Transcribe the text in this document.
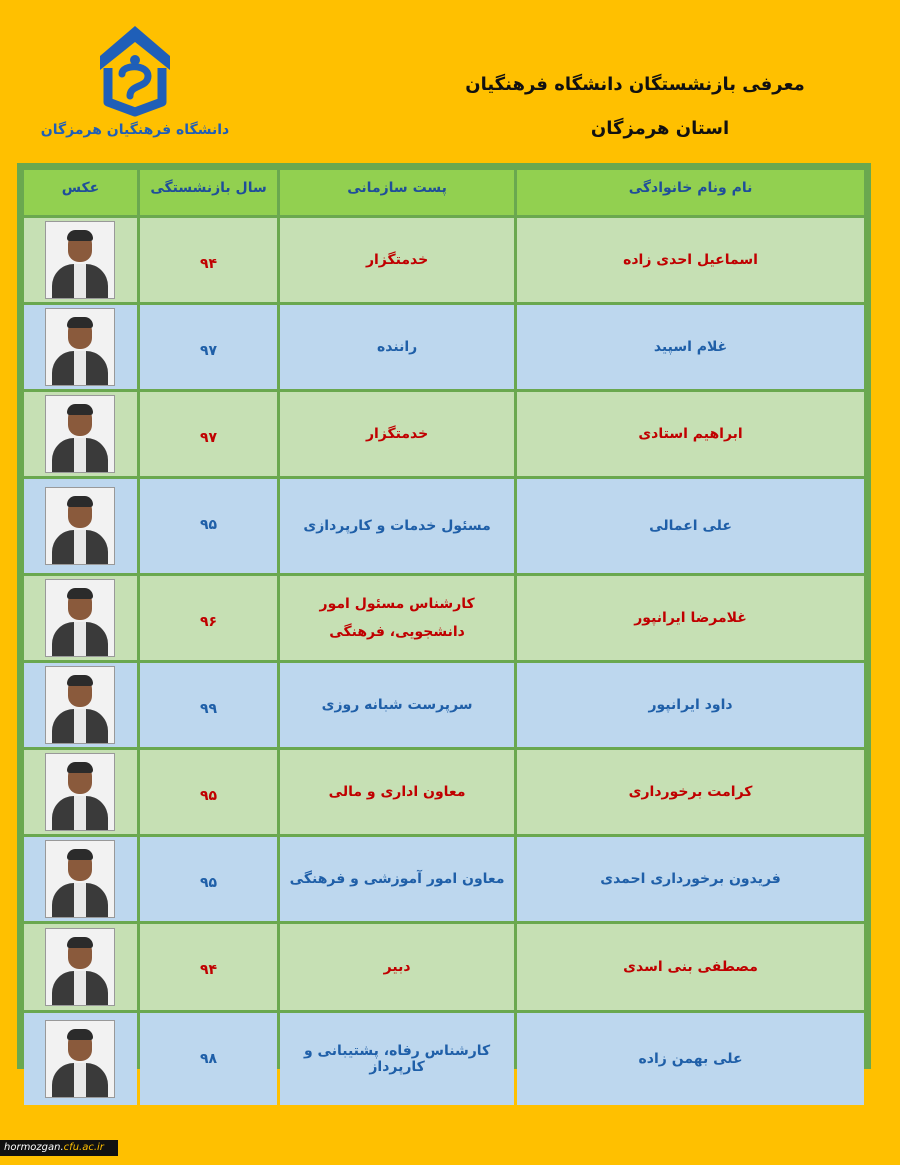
دانشگاه فرهنگیان هرمزگان
معرفی بازنشستگان دانشگاه فرهنگیان
استان هرمزگان
نام ونام خانوادگی	پست سازمانی	سال بازنشستگی	عکس
اسماعیل احدی زاده	خدمتگزار	۹۴	

غلام اسپید	راننده	۹۷	

ابراهیم استادی	خدمتگزار	۹۷	

علی اعمالی	مسئول خدمات و کارپردازی	۹۵	

غلامرضا ایرانپور	کارشناس مسئول امور دانشجویی، فرهنگی	۹۶	

داود ایرانپور	سرپرست شبانه روزی	۹۹	

کرامت برخورداری	معاون اداری و مالی	۹۵	

فریدون برخورداری احمدی	معاون امور آموزشی و فرهنگی	۹۵	

مصطفی بنی اسدی	دبیر	۹۴	

علی بهمن زاده	کارشناس رفاه، پشتیبانی و کارپرداز	۹۸	
hormozgan.cfu.ac.ir
